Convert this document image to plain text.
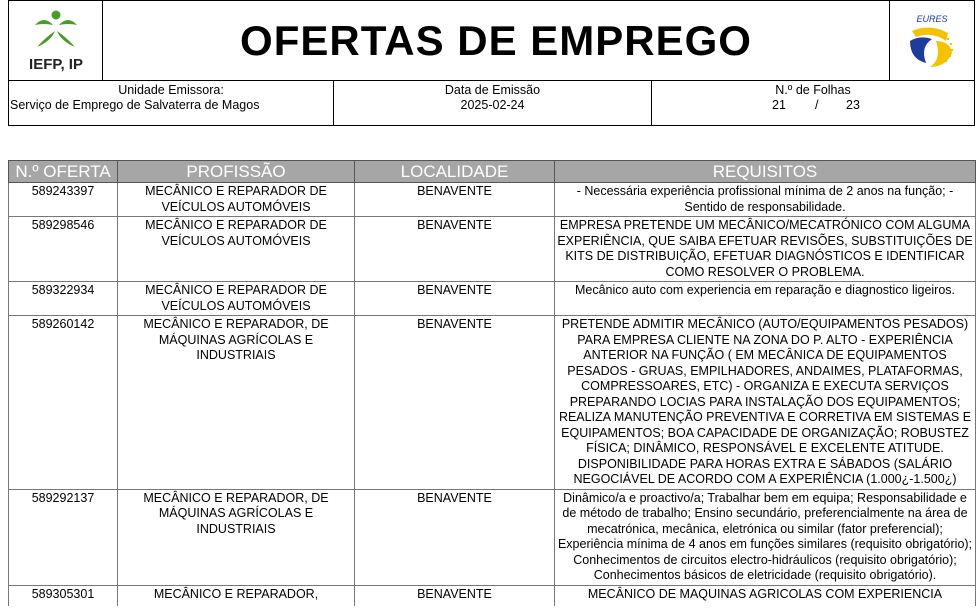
IEFP, IP
OFERTAS DE EMPREGO	EURES
Unidade Emissora:
Serviço de Emprego de Salvaterra de Magos
Data de Emissão
2025-02-24
N.º de Folhas
21 / 23
N.º OFERTA	PROFISSÃO	LOCALIDADE	REQUISITOS
589243397	MECÂNICO E REPARADOR DE VEÍCULOS AUTOMÓVEIS	BENAVENTE	- Necessária experiência profissional mínima de 2 anos na função; - Sentido de responsabilidade.
589298546	MECÂNICO E REPARADOR DE VEÍCULOS AUTOMÓVEIS	BENAVENTE	EMPRESA PRETENDE UM MECÂNICO/MECATRÓNICO COM ALGUMA EXPERIÊNCIA, QUE SAIBA EFETUAR REVISÕES, SUBSTITUIÇÕES DE KITS DE DISTRIBUIÇÃO, EFETUAR DIAGNÓSTICOS E IDENTIFICAR COMO RESOLVER O PROBLEMA.
589322934	MECÂNICO E REPARADOR DE VEÍCULOS AUTOMÓVEIS	BENAVENTE	Mecânico auto com experiencia em reparação e diagnostico ligeiros.
589260142	MECÂNICO E REPARADOR, DE MÁQUINAS AGRÍCOLAS E INDUSTRIAIS	BENAVENTE	PRETENDE ADMITIR MECÂNICO (AUTO/EQUIPAMENTOS PESADOS) PARA EMPRESA CLIENTE NA ZONA DO P. ALTO - EXPERIÊNCIA ANTERIOR NA FUNÇÃO ( EM MECÂNICA DE EQUIPAMENTOS PESADOS - GRUAS, EMPILHADORES, ANDAIMES, PLATAFORMAS, COMPRESSOARES, ETC) - ORGANIZA E EXECUTA SERVIÇOS PREPARANDO LOCIAS PARA INSTALAÇÃO DOS EQUIPAMENTOS; REALIZA MANUTENÇÃO PREVENTIVA E CORRETIVA EM SISTEMAS E EQUIPAMENTOS; BOA CAPACIDADE DE ORGANIZAÇÃO; ROBUSTEZ FÍSICA; DINÂMICO, RESPONSÁVEL E EXCELENTE ATITUDE. DISPONIBILIDADE PARA HORAS EXTRA E SÁBADOS (SALÁRIO NEGOCIÁVEL DE ACORDO COM A EXPERIÊNCIA (1.000¿-1.500¿)
589292137	MECÂNICO E REPARADOR, DE MÁQUINAS AGRÍCOLAS E INDUSTRIAIS	BENAVENTE	Dinâmico/a e proactivo/a; Trabalhar bem em equipa; Responsabilidade e de método de trabalho; Ensino secundário, preferencialmente na área de mecatrónica, mecânica, eletrónica ou similar (fator preferencial); Experiência mínima de 4 anos em funções similares (requisito obrigatório); Conhecimentos de circuitos electro-hidráulicos (requisito obrigatório); Conhecimentos básicos de eletricidade (requisito obrigatório).
589305301	MECÂNICO E REPARADOR,	BENAVENTE	MECÂNICO DE MAQUINAS AGRICOLAS COM EXPERIENCIA
